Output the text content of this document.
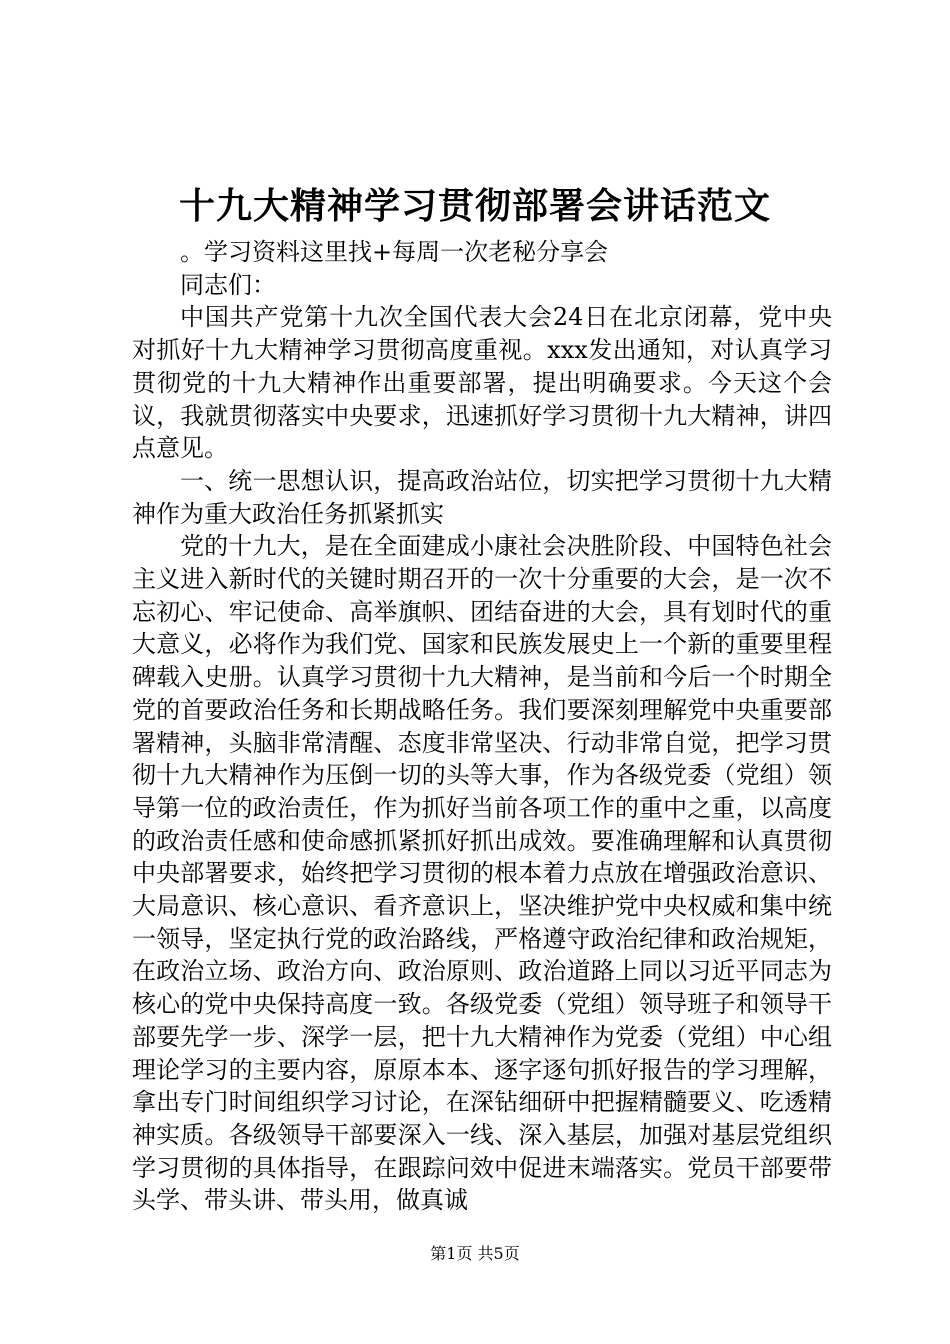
十九大精神学习贯彻部署会讲话范文

。学习资料这里找+每周一次老秘分享会

同志们：

中国共产党第十九次全国代表大会24日在北京闭幕，党中央对抓好十九大精神学习贯彻高度重视。xxx发出通知，对认真学习贯彻党的十九大精神作出重要部署，提出明确要求。今天这个会议，我就贯彻落实中央要求，迅速抓好学习贯彻十九大精神，讲四点意见。

一、统一思想认识，提高政治站位，切实把学习贯彻十九大精神作为重大政治任务抓紧抓实

党的十九大，是在全面建成小康社会决胜阶段、中国特色社会主义进入新时代的关键时期召开的一次十分重要的大会，是一次不忘初心、牢记使命、高举旗帜、团结奋进的大会，具有划时代的重大意义，必将作为我们党、国家和民族发展史上一个新的重要里程碑载入史册。认真学习贯彻十九大精神，是当前和今后一个时期全党的首要政治任务和长期战略任务。我们要深刻理解党中央重要部署精神，头脑非常清醒、态度非常坚决、行动非常自觉，把学习贯彻十九大精神作为压倒一切的头等大事，作为各级党委（党组）领导第一位的政治责任，作为抓好当前各项工作的重中之重，以高度的政治责任感和使命感抓紧抓好抓出成效。要准确理解和认真贯彻中央部署要求，始终把学习贯彻的根本着力点放在增强政治意识、大局意识、核心意识、看齐意识上，坚决维护党中央权威和集中统一领导，坚定执行党的政治路线，严格遵守政治纪律和政治规矩，在政治立场、政治方向、政治原则、政治道路上同以习近平同志为核心的党中央保持高度一致。各级党委（党组）领导班子和领导干部要先学一步、深学一层，把十九大精神作为党委（党组）中心组理论学习的主要内容，原原本本、逐字逐句抓好报告的学习理解，拿出专门时间组织学习讨论，在深钻细研中把握精髓要义、吃透精神实质。各级领导干部要深入一线、深入基层，加强对基层党组织学习贯彻的具体指导，在跟踪问效中促进末端落实。党员干部要带头学、带头讲、带头用，做真诚

第1页 共5页
